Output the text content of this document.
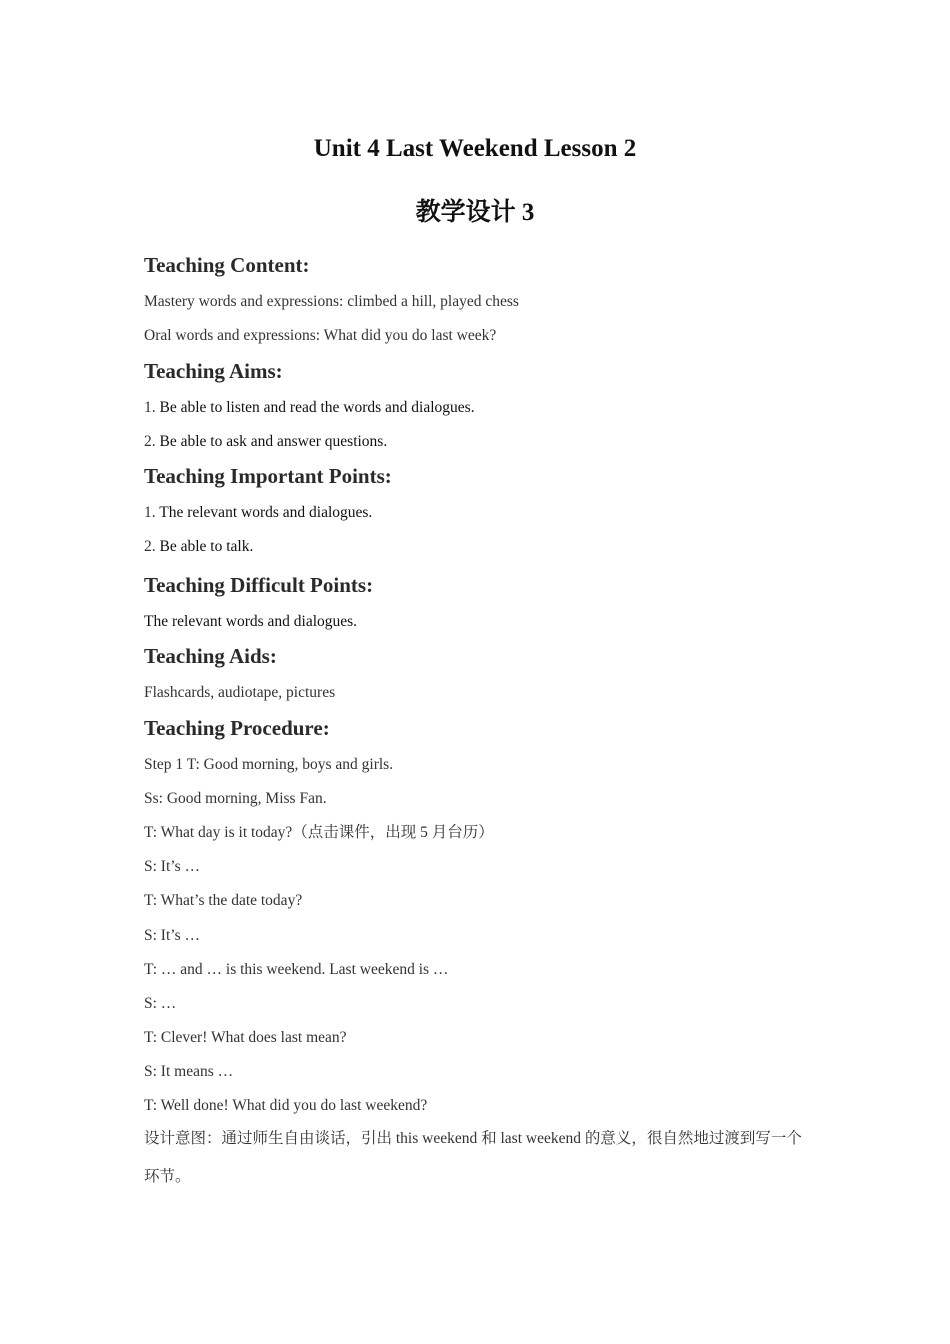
Unit 4 Last Weekend Lesson 2
教学设计 3
Teaching Content:

Mastery words and expressions: climbed a hill, played chess

Oral words and expressions: What did you do last week?

Teaching Aims:

1. Be able to listen and read the words and dialogues.

2. Be able to ask and answer questions.

Teaching Important Points:

1. The relevant words and dialogues.

2. Be able to talk.

Teaching Difficult Points:

The relevant words and dialogues.

Teaching Aids:

Flashcards, audiotape, pictures

Teaching Procedure:

Step 1 T: Good morning, boys and girls.

Ss: Good morning, Miss Fan.

T: What day is it today?（点击课件，出现 5 月台历）

S: It’s …

T: What’s the date today?

S: It’s …

T: … and … is this weekend. Last weekend is …

S: …

T: Clever! What does last mean?

S: It means …

T: Well done! What did you do last weekend?

设计意图：通过师生自由谈话，引出 this weekend 和 last weekend 的意义，很自然地过渡到写一个环节。
